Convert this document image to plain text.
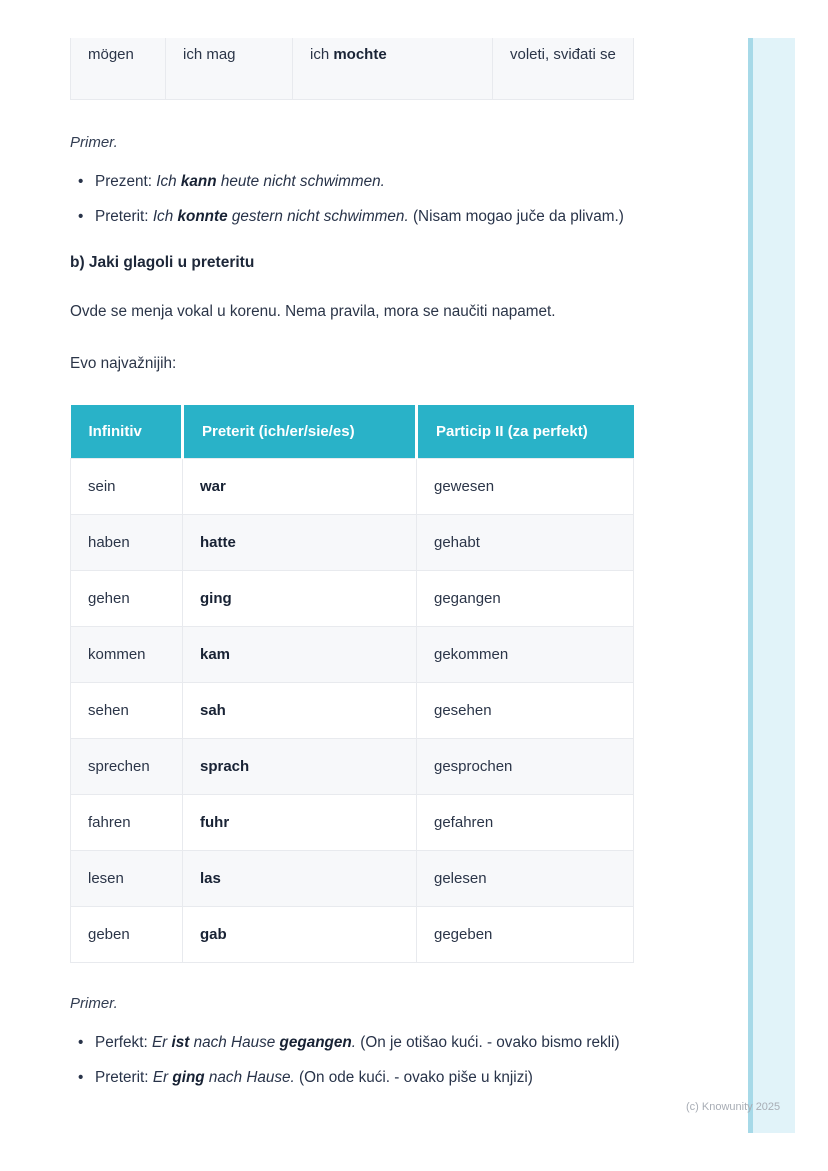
mögen	ich mag	ich mochte	voleti, sviđati se

Primer.

• Prezent: Ich kann heute nicht schwimmen.
• Preterit: Ich konnte gestern nicht schwimmen. (Nisam mogao juče da plivam.)
b) Jaki glagoli u preteritu

Ovde se menja vokal u korenu. Nema pravila, mora se naučiti napamet.

Evo najvažnijih:

Infinitiv	Preterit (ich/er/sie/es)	Particip II (za perfekt)
sein	war	gewesen
haben	hatte	gehabt
gehen	ging	gegangen
kommen	kam	gekommen
sehen	sah	gesehen
sprechen	sprach	gesprochen
fahren	fuhr	gefahren
lesen	las	gelesen
geben	gab	gegeben

Primer.

• Perfekt: Er ist nach Hause gegangen. (On je otišao kući. - ovako bismo rekli)
• Preterit: Er ging nach Hause. (On ode kući. - ovako piše u knjizi)
(c) Knowunity 2025
